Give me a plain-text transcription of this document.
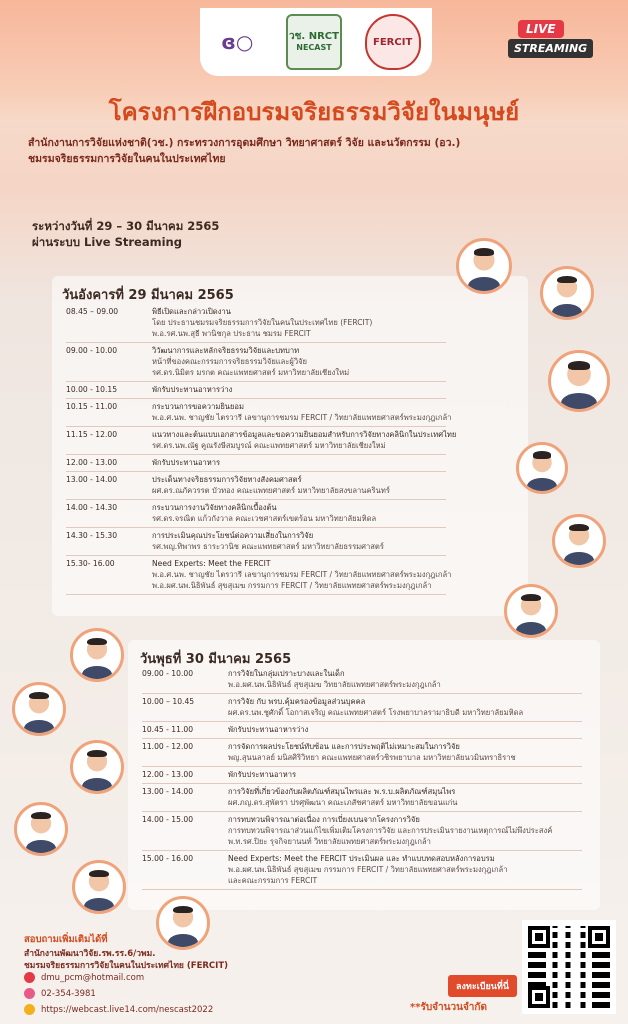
ɞ○	วช. NRCT
NECAST	FERCIT
LIVE
STREAMING
โครงการฝึกอบรมจริยธรรมวิจัยในมนุษย์
สำนักงานการวิจัยแห่งชาติ(วช.) กระทรวงการอุดมศึกษา วิทยาศาสตร์ วิจัย และนวัตกรรม (อว.)
ชมรมจริยธรรมการวิจัยในคนในประเทศไทย
ระหว่างวันที่ 29 – 30 มีนาคม 2565
ผ่านระบบ Live Streaming
วันอังคารที่ 29 มีนาคม 2565
08.45 – 09.00	พิธีเปิดและกล่าวเปิดงาน
โดย ประธานชมรมจริยธรรมการวิจัยในคนในประเทศไทย (FERCIT)
พ.อ.รศ.นพ.สุธี พานิชกุล ประธาน ชมรม FERCIT
09.00 - 10.00	วิวัฒนาการและหลักจริยธรรมวิจัยและบทบาท
หน้าที่ของคณะกรรมการจริยธรรมวิจัยและผู้วิจัย
รศ.ดร.นิมิตร มรกต คณะแพทยศาสตร์ มหาวิทยาลัยเชียงใหม่
10.00 - 10.15	พักรับประทานอาหารว่าง
10.15 - 11.00	กระบวนการขอความยินยอม
พ.อ.ศ.นพ. ชาญชัย ไตรวารี เลขานุการชมรม FERCIT / วิทยาลัยแพทยศาสตร์พระมงกุฎเกล้า
11.15 - 12.00	แนวทางและต้นแบบเอกสารข้อมูลและขอความยินยอมสำหรับการวิจัยทางคลินิกในประเทศไทย
รศ.ดร.นพ.ณัฐ คูณรังษีสมบูรณ์ คณะแพทยศาสตร์ มหาวิทยาลัยเชียงใหม่
12.00 - 13.00	พักรับประทานอาหาร
13.00 - 14.00	ประเด็นทางจริยธรรมการวิจัยทางสังคมศาสตร์
ผศ.ดร.ณภัควรรต บัวทอง คณะแพทยศาสตร์ มหาวิทยาลัยสงขลานครินทร์
14.00 - 14.30	กระบวนการงานวิจัยทางคลินิกเบื้องต้น
รศ.ดร.จรณิต แก้วกังวาล คณะเวชศาสตร์เขตร้อน มหาวิทยาลัยมหิดล
14.30 - 15.30	การประเมินคุณประโยชน์ต่อความเสี่ยงในการวิจัย
รศ.พญ.ทิพาพร ธาระวานิช คณะแพทยศาสตร์ มหาวิทยาลัยธรรมศาสตร์
15.30- 16.00	Need Experts: Meet the FERCIT
พ.อ.ศ.นพ. ชาญชัย ไตรวารี เลขานุการชมรม FERCIT / วิทยาลัยแพทยศาสตร์พระมงกุฎเกล้า
พ.อ.ผศ.นพ.นิธิพันธ์ สุขสุเมฆ กรรมการ FERCIT / วิทยาลัยแพทยศาสตร์พระมงกุฎเกล้า
วันพุธที่ 30 มีนาคม 2565
09.00 - 10.00	การวิจัยในกลุ่มเปราะบางและในเด็ก
พ.อ.ผศ.นพ.นิธิพันธ์ สุขสุเมฆ วิทยาลัยแพทยศาสตร์พระมงกุฎเกล้า
10.00 – 10.45	การวิจัย กับ พรบ.คุ้มครองข้อมูลส่วนบุคคล
ผศ.ดร.นพ.ชูศักดิ์ โอกาสเจริญ คณะแพทยศาสตร์ โรงพยาบาลรามาธิบดี มหาวิทยาลัยมหิดล
10.45 - 11.00	พักรับประทานอาหารว่าง
11.00 - 12.00	การจัดการผลประโยชน์ทับซ้อน และการประพฤติไม่เหมาะสมในการวิจัย
พญ.สุนนลาลย์ มนิสศิริวิทยา คณะแพทยศาสตร์วชิรพยาบาล มหาวิทยาลัยนวมินทราธิราช
12.00 - 13.00	พักรับประทานอาหาร
13.00 - 14.00	การวิจัยที่เกี่ยวข้องกับผลิตภัณฑ์สมุนไพรและ พ.ร.บ.ผลิตภัณฑ์สมุนไพร
ผศ.ภญ.ดร.สุพัตรา ปรศุพัฒนา คณะเภสัชศาสตร์ มหาวิทยาลัยขอนแก่น
14.00 - 15.00	การทบทวนพิจารณาต่อเนื่อง การเบี่ยงเบนจากโครงการวิจัย
การทบทวนพิจารณาส่วนแก้ไขเพิ่มเติมโครงการวิจัย และการประเมินรายงานเหตุการณ์ไม่พึงประสงค์
พ.ท.รศ.ปิยะ รุจกิจยานนท์ วิทยาลัยแพทยศาสตร์พระมงกุฎเกล้า
15.00 - 16.00	Need Experts: Meet the FERCIT ประเมินผล และ ทำแบบทดสอบหลังการอบรม
พ.อ.ผศ.นพ.นิธิพันธ์ สุขสุเมฆ กรรมการ FERCIT / วิทยาลัยแพทยศาสตร์พระมงกุฎเกล้า
และคณะกรรมการ FERCIT
สอบถามเพิ่มเติมได้ที่
สำนักงานพัฒนาวิจัย.รพ.รร.6/วพม.
ชมรมจริยธรรมการวิจัยในคนในประเทศไทย (FERCIT)
dmu_pcm@hotmail.com
02-354-3981
https://webcast.live14.com/nescast2022
ลงทะเบียนที่นี่
**รับจำนวนจำกัด
